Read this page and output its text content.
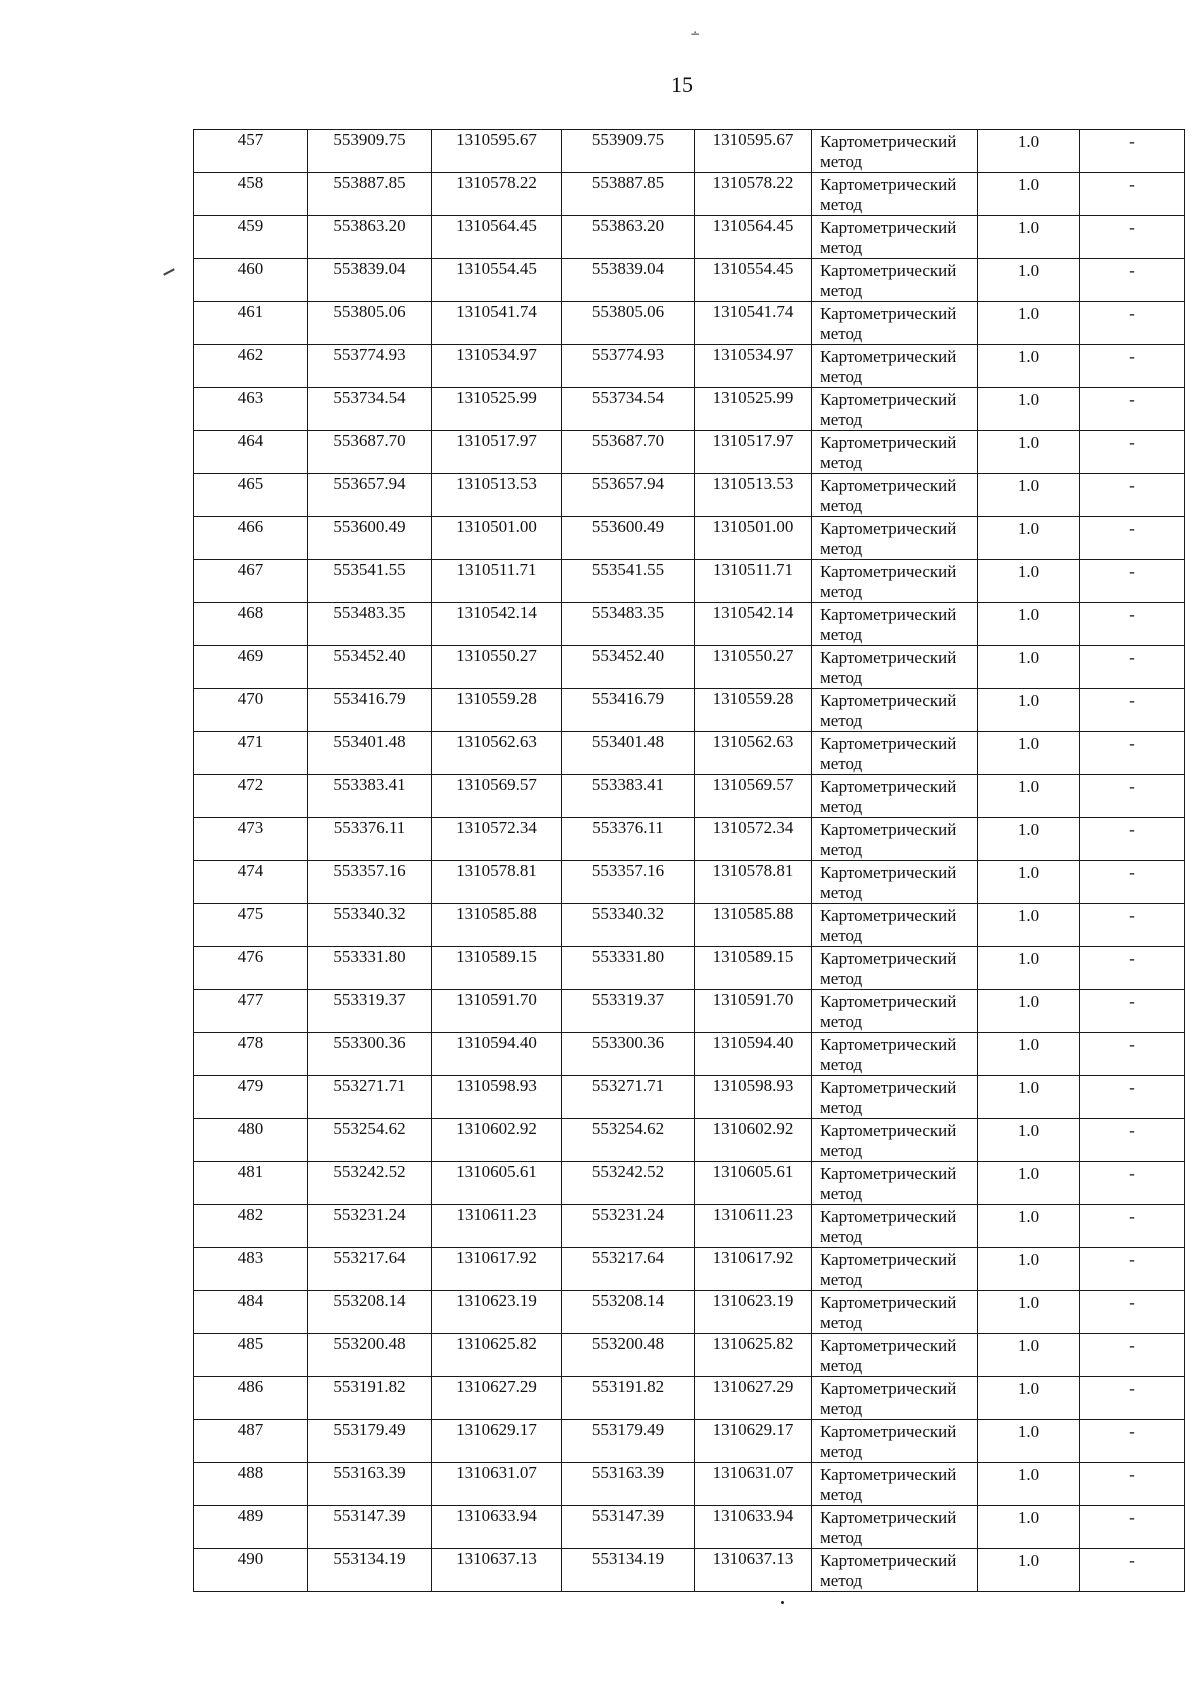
∸
15
457	553909.75	1310595.67	553909.75	1310595.67	Картометрический
метод	1.0	-
458	553887.85	1310578.22	553887.85	1310578.22	Картометрический
метод	1.0	-
459	553863.20	1310564.45	553863.20	1310564.45	Картометрический
метод	1.0	-
460	553839.04	1310554.45	553839.04	1310554.45	Картометрический
метод	1.0	-
461	553805.06	1310541.74	553805.06	1310541.74	Картометрический
метод	1.0	-
462	553774.93	1310534.97	553774.93	1310534.97	Картометрический
метод	1.0	-
463	553734.54	1310525.99	553734.54	1310525.99	Картометрический
метод	1.0	-
464	553687.70	1310517.97	553687.70	1310517.97	Картометрический
метод	1.0	-
465	553657.94	1310513.53	553657.94	1310513.53	Картометрический
метод	1.0	-
466	553600.49	1310501.00	553600.49	1310501.00	Картометрический
метод	1.0	-
467	553541.55	1310511.71	553541.55	1310511.71	Картометрический
метод	1.0	-
468	553483.35	1310542.14	553483.35	1310542.14	Картометрический
метод	1.0	-
469	553452.40	1310550.27	553452.40	1310550.27	Картометрический
метод	1.0	-
470	553416.79	1310559.28	553416.79	1310559.28	Картометрический
метод	1.0	-
471	553401.48	1310562.63	553401.48	1310562.63	Картометрический
метод	1.0	-
472	553383.41	1310569.57	553383.41	1310569.57	Картометрический
метод	1.0	-
473	553376.11	1310572.34	553376.11	1310572.34	Картометрический
метод	1.0	-
474	553357.16	1310578.81	553357.16	1310578.81	Картометрический
метод	1.0	-
475	553340.32	1310585.88	553340.32	1310585.88	Картометрический
метод	1.0	-
476	553331.80	1310589.15	553331.80	1310589.15	Картометрический
метод	1.0	-
477	553319.37	1310591.70	553319.37	1310591.70	Картометрический
метод	1.0	-
478	553300.36	1310594.40	553300.36	1310594.40	Картометрический
метод	1.0	-
479	553271.71	1310598.93	553271.71	1310598.93	Картометрический
метод	1.0	-
480	553254.62	1310602.92	553254.62	1310602.92	Картометрический
метод	1.0	-
481	553242.52	1310605.61	553242.52	1310605.61	Картометрический
метод	1.0	-
482	553231.24	1310611.23	553231.24	1310611.23	Картометрический
метод	1.0	-
483	553217.64	1310617.92	553217.64	1310617.92	Картометрический
метод	1.0	-
484	553208.14	1310623.19	553208.14	1310623.19	Картометрический
метод	1.0	-
485	553200.48	1310625.82	553200.48	1310625.82	Картометрический
метод	1.0	-
486	553191.82	1310627.29	553191.82	1310627.29	Картометрический
метод	1.0	-
487	553179.49	1310629.17	553179.49	1310629.17	Картометрический
метод	1.0	-
488	553163.39	1310631.07	553163.39	1310631.07	Картометрический
метод	1.0	-
489	553147.39	1310633.94	553147.39	1310633.94	Картометрический
метод	1.0	-
490	553134.19	1310637.13	553134.19	1310637.13	Картометрический
метод	1.0	-
